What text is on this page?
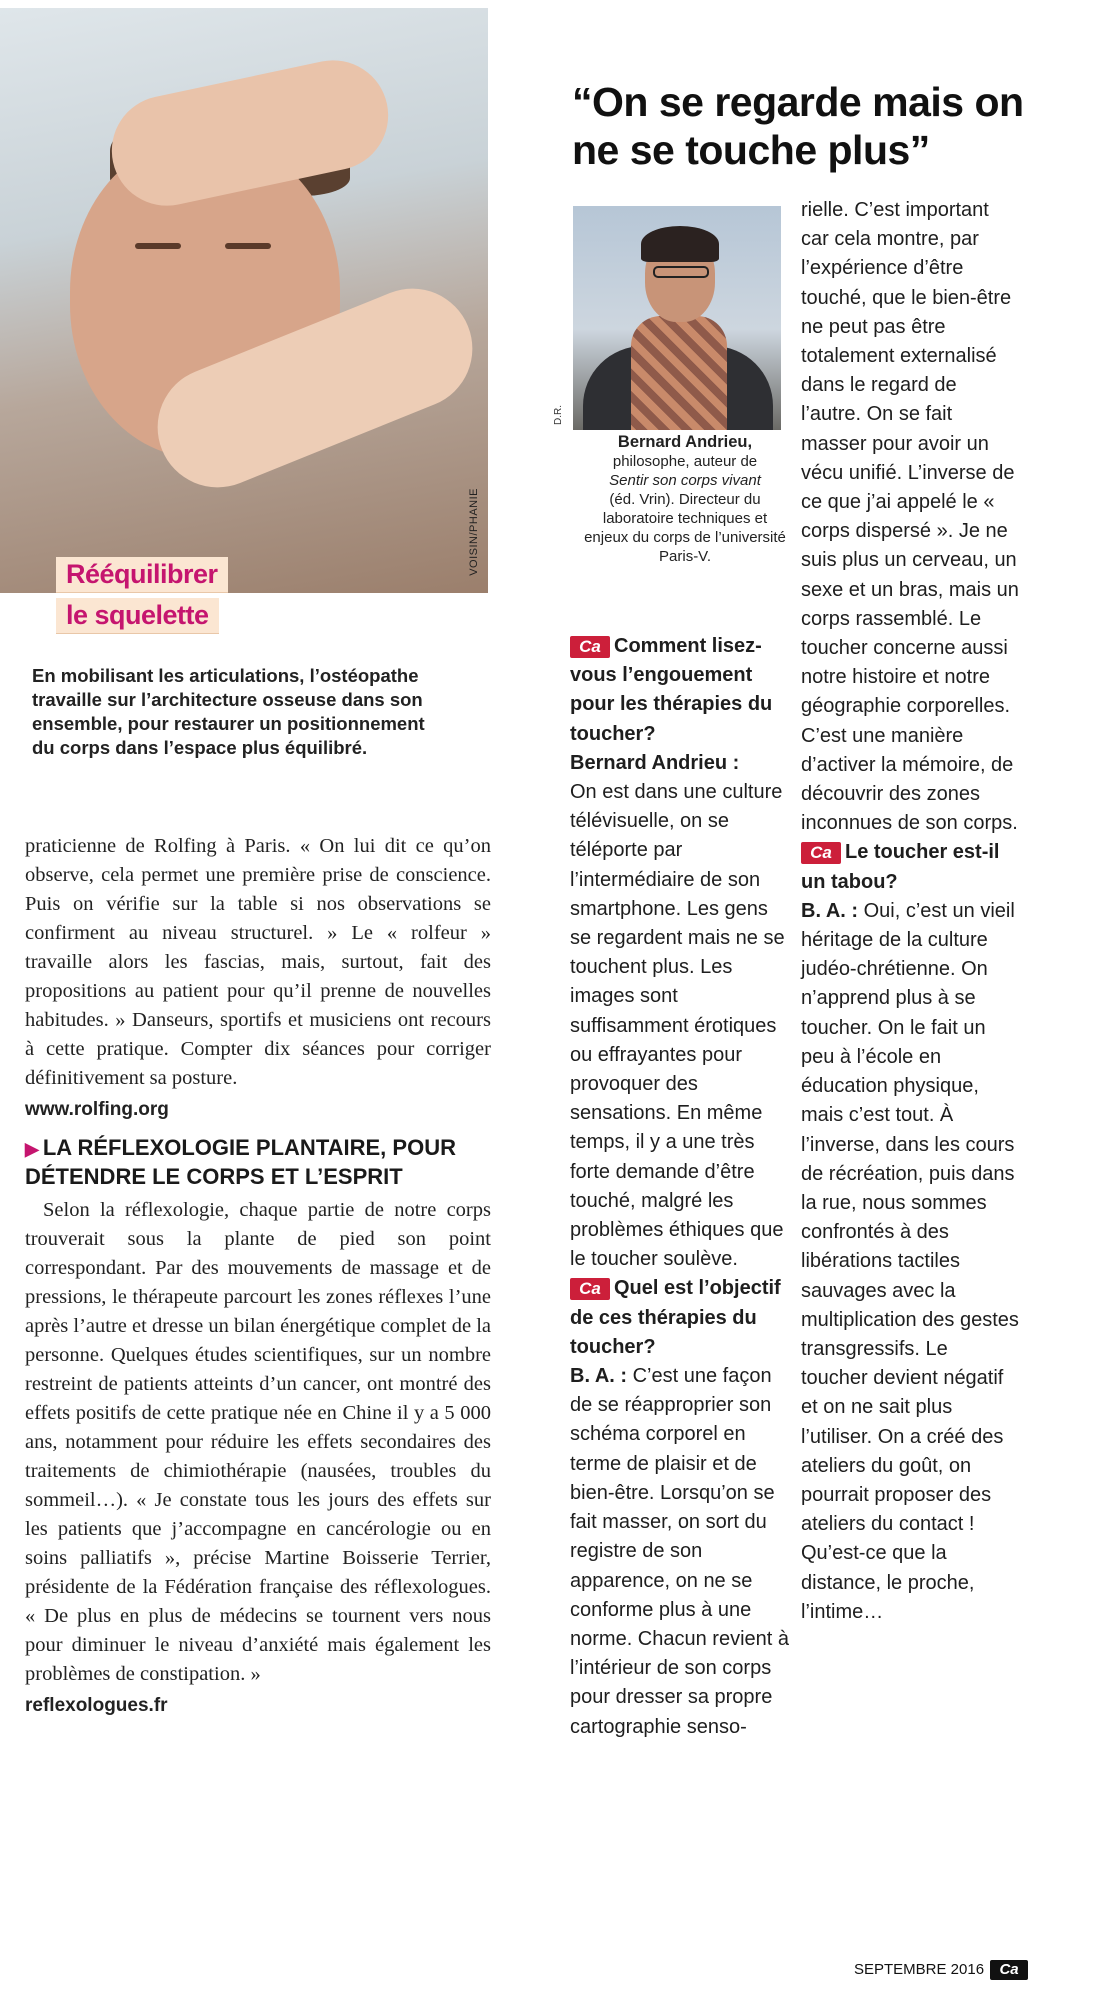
VOISIN/PHANIE
Rééquilibrer
le squelette
En mobilisant les articulations, l’ostéopathe travaille sur l’architecture osseuse dans son ensemble, pour restaurer un positionnement du corps dans l’espace plus équilibré.

praticienne de Rolfing à Paris. « On lui dit ce qu’on observe, cela permet une première prise de conscience. Puis on vérifie sur la table si nos observations se confirment au niveau structurel. » Le « rolfeur » travaille alors les fascias, mais, surtout, fait des propositions au patient pour qu’il prenne de nouvelles habitudes. » Danseurs, sportifs et musiciens ont recours à cette pratique. Compter dix séances pour corriger définitivement sa posture.

www.rolfing.org
▶ LA RÉFLEXOLOGIE PLANTAIRE, POUR DÉTENDRE LE CORPS ET L’ESPRIT

Selon la réflexologie, chaque partie de notre corps trouverait sous la plante de pied son point correspondant. Par des mouvements de massage et de pressions, le thérapeute parcourt les zones réflexes l’une après l’autre et dresse un bilan énergétique complet de la personne. Quelques études scientifiques, sur un nombre restreint de patients atteints d’un cancer, ont montré des effets positifs de cette pratique née en Chine il y a 5 000 ans, notamment pour réduire les effets secondaires des traitements de chimiothérapie (nausées, troubles du sommeil…). « Je constate tous les jours des effets sur les patients que j’accompagne en cancérologie ou en soins palliatifs », précise Martine Boisserie Terrier, présidente de la Fédération française des réflexologues. « De plus en plus de médecins se tournent vers nous pour diminuer le niveau d’anxiété mais également les problèmes de constipation. »

reflexologues.fr
“On se regarde mais on ne se touche plus”
D.R.
Bernard Andrieu,
philosophe, auteur de
Sentir son corps vivant
(éd. Vrin). Directeur du laboratoire techniques et enjeux du corps de l’université Paris-V.

Ca Comment lisez-vous l’engouement pour les thérapies du toucher?

Bernard Andrieu :
On est dans une culture télévisuelle, on se téléporte par l’intermédiaire de son smartphone. Les gens se regardent mais ne se touchent plus. Les images sont suffisamment érotiques ou effrayantes pour provoquer des sensations. En même temps, il y a une très forte demande d’être touché, malgré les problèmes éthiques que le toucher soulève.

Ca Quel est l’objectif de ces thérapies du toucher?

B. A. : C’est une façon de se réapproprier son schéma corporel en terme de plaisir et de bien-être. Lorsqu’on se fait masser, on sort du registre de son apparence, on ne se conforme plus à une norme. Chacun revient à l’intérieur de son corps pour dresser sa propre cartographie senso-

rielle. C’est important car cela montre, par l’expérience d’être touché, que le bien-être ne peut pas être totalement externalisé dans le regard de l’autre. On se fait masser pour avoir un vécu unifié. L’inverse de ce que j’ai appelé le « corps dispersé ». Je ne suis plus un cerveau, un sexe et un bras, mais un corps rassemblé. Le toucher concerne aussi notre histoire et notre géographie corporelles. C’est une manière d’activer la mémoire, de découvrir des zones inconnues de son corps.

Ca Le toucher est-il un tabou?

B. A. : Oui, c’est un vieil héritage de la culture judéo-chrétienne. On n’apprend plus à se toucher. On le fait un peu à l’école en éducation physique, mais c’est tout. À l’inverse, dans les cours de récréation, puis dans la rue, nous sommes confrontés à des libérations tactiles sauvages avec la multiplication des gestes transgressifs. Le toucher devient négatif et on ne sait plus l’utiliser. On a créé des ateliers du goût, on pourrait proposer des ateliers du contact ! Qu’est-ce que la distance, le proche, l’intime…

SEPTEMBRE 2016 Ca
